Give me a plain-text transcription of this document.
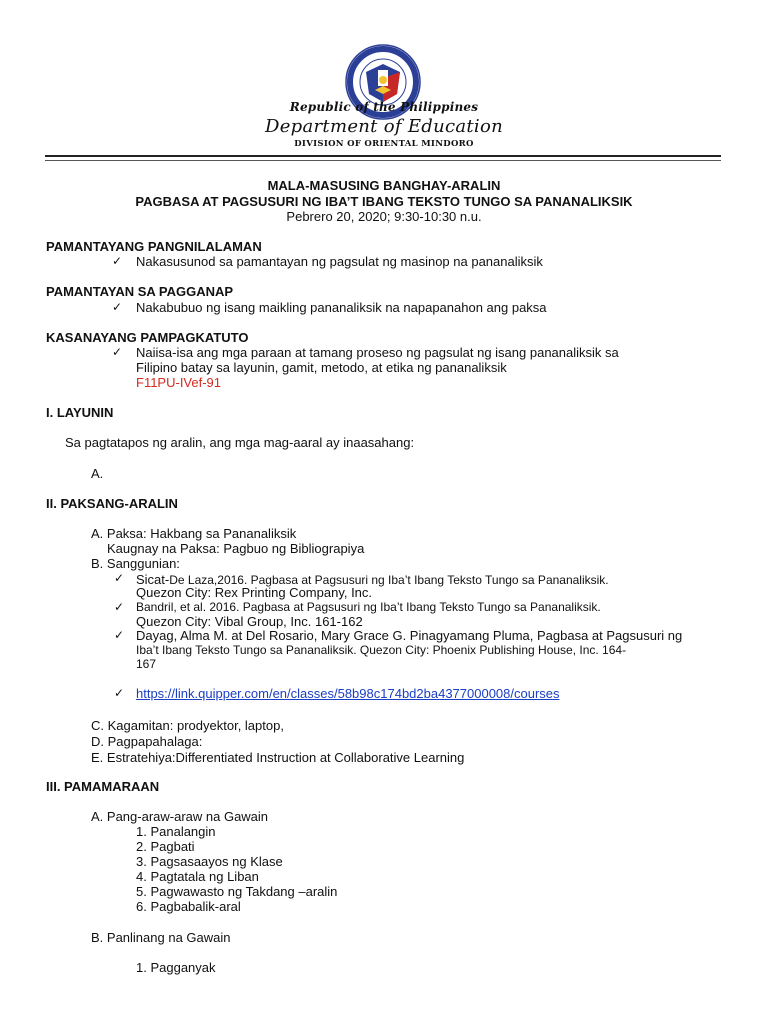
Republic of the Philippines
Department of Education
DIVISION OF ORIENTAL MINDORO
MALA-MASUSING BANGHAY-ARALIN
PAGBASA AT PAGSUSURI NG IBA’T IBANG TEKSTO TUNGO SA PANANALIKSIK
Pebrero 20, 2020; 9:30-10:30 n.u.
PAMANTAYANG PANGNILALAMAN
✓ Nakasusunod sa pamantayan ng pagsulat ng masinop na pananaliksik
PAMANTAYAN SA PAGGANAP
✓ Nakabubuo ng isang maikling pananaliksik na napapanahon ang paksa
KASANAYANG PAMPAGKATUTO
✓ Naiisa-isa ang mga paraan at tamang proseso ng pagsulat ng isang pananaliksik sa
Filipino batay sa layunin, gamit, metodo, at etika ng pananaliksik
F11PU-IVef-91
I. LAYUNIN
Sa pagtatapos ng aralin, ang mga mag-aaral ay inaasahang:
A.
II. PAKSANG-ARALIN
A. Paksa: Hakbang sa Pananaliksik
Kaugnay na Paksa: Pagbuo ng Bibliograpiya
B. Sanggunian:
✓ Sicat-De Laza,2016. Pagbasa at Pagsusuri ng Iba’t Ibang Teksto Tungo sa Pananaliksik.
Quezon City: Rex Printing Company, Inc.
✓ Bandril, et al. 2016. Pagbasa at Pagsusuri ng Iba’t Ibang Teksto Tungo sa Pananaliksik.
Quezon City: Vibal Group, Inc. 161-162
✓ Dayag, Alma M. at Del Rosario, Mary Grace G. Pinagyamang Pluma, Pagbasa at Pagsusuri ng
Iba’t Ibang Teksto Tungo sa Pananaliksik. Quezon City: Phoenix Publishing House, Inc. 164-
167
✓ https://link.quipper.com/en/classes/58b98c174bd2ba4377000008/courses
C. Kagamitan: prodyektor, laptop,
D. Pagpapahalaga:
E. Estratehiya:Differentiated Instruction at Collaborative Learning
III. PAMAMARAAN
A. Pang-araw-araw na Gawain
1. Panalangin
2. Pagbati
3. Pagsasaayos ng Klase
4. Pagtatala ng Liban
5. Pagwawasto ng Takdang –aralin
6. Pagbabalik-aral
B. Panlinang na Gawain
1. Pagganyak
